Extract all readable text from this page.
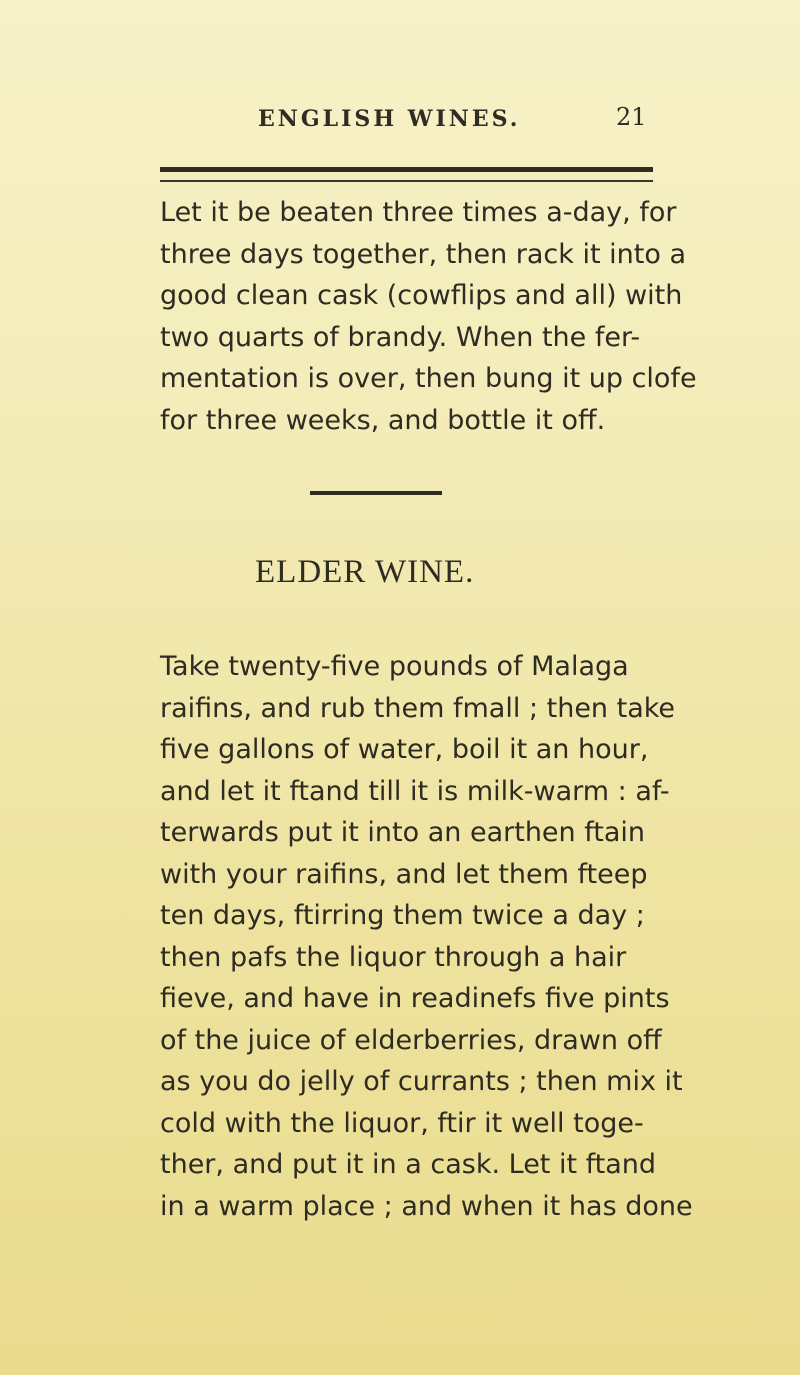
ENGLISH WINES.	21
Let it be beaten three times a-day, for
three days together, then rack it into a
good clean cask (cowflips and all) with
two quarts of brandy. When the fer-
mentation is over, then bung it up clofe
for three weeks, and bottle it off.
ELDER WINE.
Take twenty-five pounds of Malaga
raifins, and rub them fmall ; then take
five gallons of water, boil it an hour,
and let it ftand till it is milk-warm : af-
terwards put it into an earthen ftain
with your raifins, and let them fteep
ten days, ftirring them twice a day ;
then pafs the liquor through a hair
fieve, and have in readinefs five pints
of the juice of elderberries, drawn off
as you do jelly of currants ; then mix it
cold with the liquor, ftir it well toge-
ther, and put it in a cask. Let it ftand
in a warm place ; and when it has done
